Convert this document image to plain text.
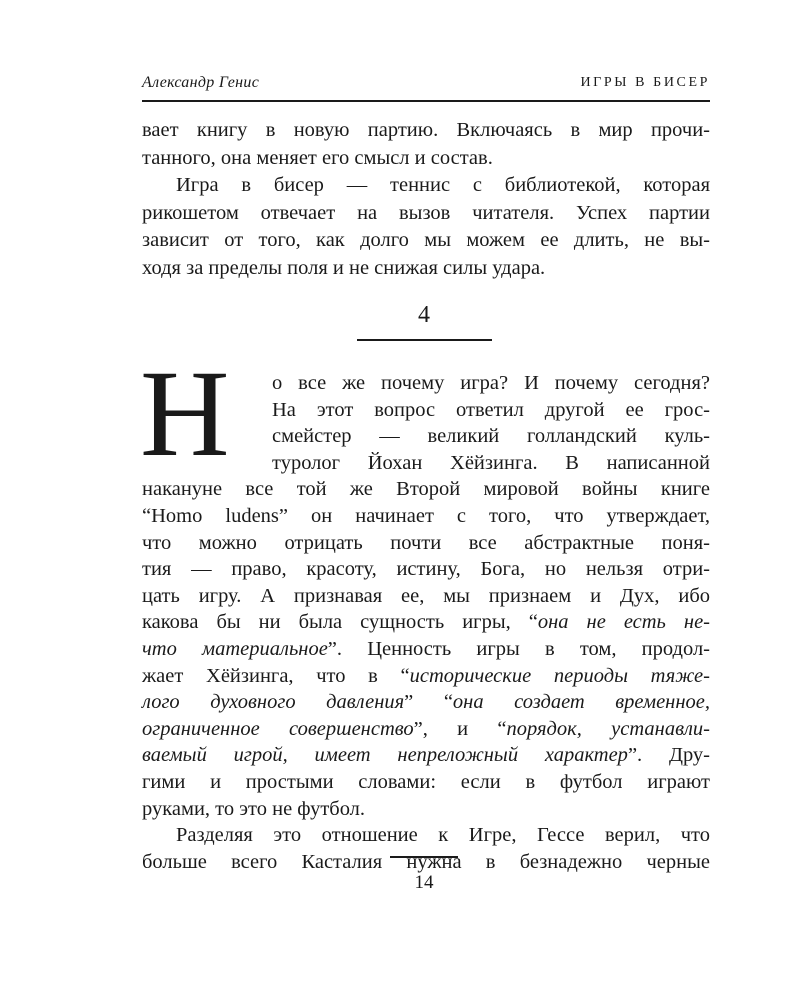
Александр Генис	ИГРЫ В БИСЕР
вает книгу в новую партию. Включаясь в мир прочи-
танного, она меняет его смысл и состав.
Игра в бисер — теннис с библиотекой, которая
рикошетом отвечает на вызов читателя. Успех партии
зависит от того, как долго мы можем ее длить, не вы-
ходя за пределы поля и не снижая силы удара.
4
Н	о все же почему игра? И почему сегодня?
На этот вопрос ответил другой ее грос-
смейстер — великий голландский куль-
туролог Йохан Хёйзинга. В написанной
накануне все той же Второй мировой войны книге
“Homo ludens” он начинает с того, что утверждает,
что можно отрицать почти все абстрактные поня-
тия — право, красоту, истину, Бога, но нельзя отри-
цать игру. А признавая ее, мы признаем и Дух, ибо
какова бы ни была сущность игры, “она не есть не-
что материальное”. Ценность игры в том, продол-
жает Хёйзинга, что в “исторические периоды тяже-
лого духовного давления” “она создает временное,
ограниченное совершенство”, и “порядок, устанавли-
ваемый игрой, имеет непреложный характер”. Дру-
гими и простыми словами: если в футбол играют
руками, то это не футбол.
Разделяя это отношение к Игре, Гессе верил, что
больше всего Касталия нужна в безнадежно черные
14
